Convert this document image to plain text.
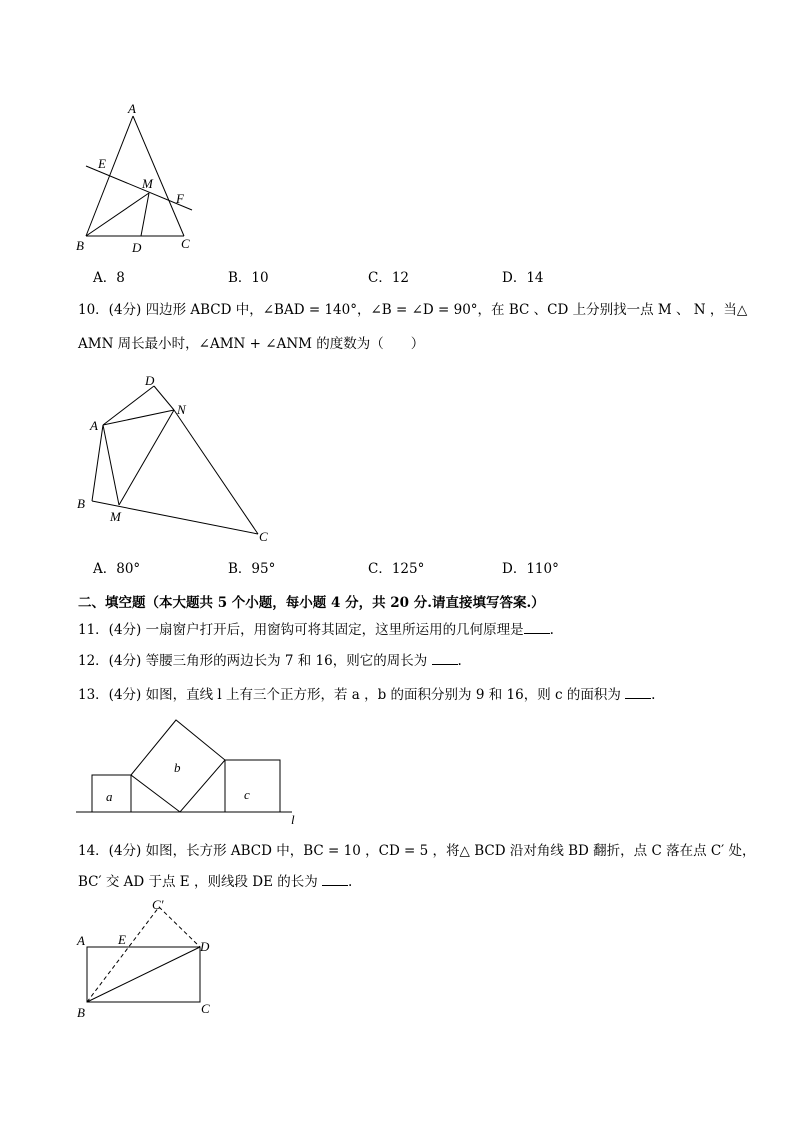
A
E
M
F
B	D	C
A．8	B．10	C．12	D．14
10．(4分) 四边形 ABCD 中，∠BAD = 140°，∠B = ∠D = 90°，在 BC 、CD 上分别找一点 M 、 N ，当△
AMN 周长最小时，∠AMN + ∠ANM 的度数为（　　）
D
N
A
B
M
C
A．80°	B．95°	C．125°	D．110°
二、填空题（本大题共 5 个小题，每小题 4 分，共 20 分.请直接填写答案.）
11．(4分) 一扇窗户打开后，用窗钩可将其固定，这里所运用的几何原理是 .
12．(4分) 等腰三角形的两边长为 7 和 16，则它的周长为 .
13．(4分) 如图，直线 l 上有三个正方形，若 a ，b 的面积分别为 9 和 16，则 c 的面积为 .
a
b
c
l
14．(4分) 如图，长方形 ABCD 中，BC = 10 ，CD = 5 ，将△ BCD 沿对角线 BD 翻折，点 C 落在点 C′ 处，
BC′ 交 AD 于点 E ，则线段 DE 的长为 .
C′
A	E	D
B	C
